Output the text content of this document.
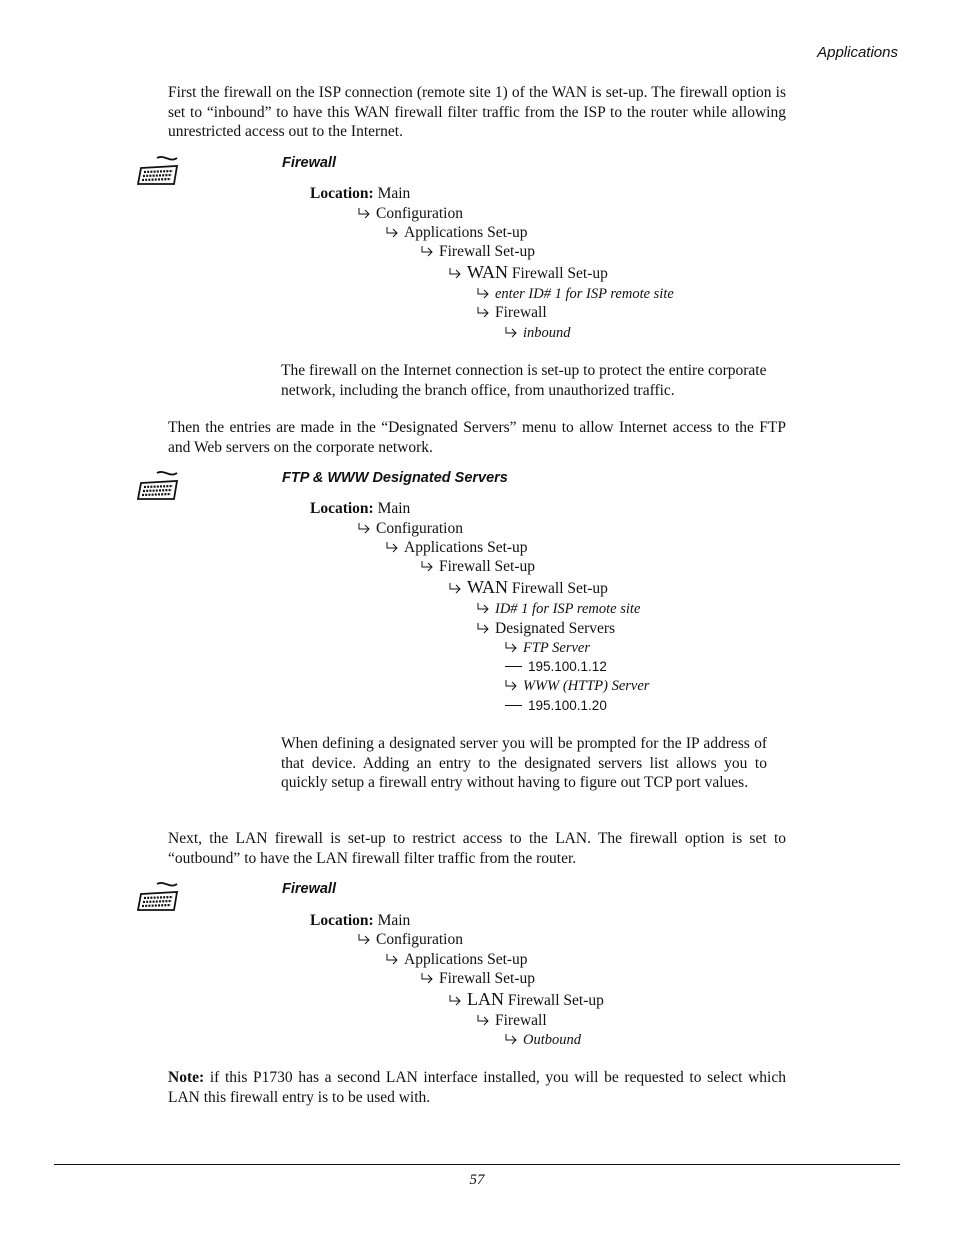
Applications
First the firewall on the ISP connection (remote site 1) of the WAN is set-up. The firewall option is set to “inbound” to have this WAN firewall filter traffic from the ISP to the router while allowing unrestricted access out to the Internet.
Firewall
Location: Main
Configuration
Applications Set-up
Firewall Set-up
WAN Firewall Set-up
enter ID# 1 for ISP remote site
Firewall
inbound
The firewall on the Internet connection is set-up to protect the entire corporate network, including the branch office, from unauthorized traffic.
Then the entries are made in the “Designated Servers” menu to allow Internet access to the FTP and Web servers on the corporate network.
FTP & WWW Designated Servers
Location: Main
Configuration
Applications Set-up
Firewall Set-up
WAN Firewall Set-up
ID# 1 for ISP remote site
Designated Servers
FTP Server
195.100.1.12
WWW (HTTP) Server
195.100.1.20
When defining a designated server you will be prompted for the IP address of that device. Adding an entry to the designated servers list allows you to quickly setup a firewall entry without having to figure out TCP port values.
Next, the LAN firewall is set-up to restrict access to the LAN. The firewall option is set to “outbound” to have the LAN firewall filter traffic from the router.
Firewall
Location: Main
Configuration
Applications Set-up
Firewall Set-up
LAN Firewall Set-up
Firewall
Outbound
Note: if this P1730 has a second LAN interface installed, you will be requested to select which LAN this firewall entry is to be used with.
57
